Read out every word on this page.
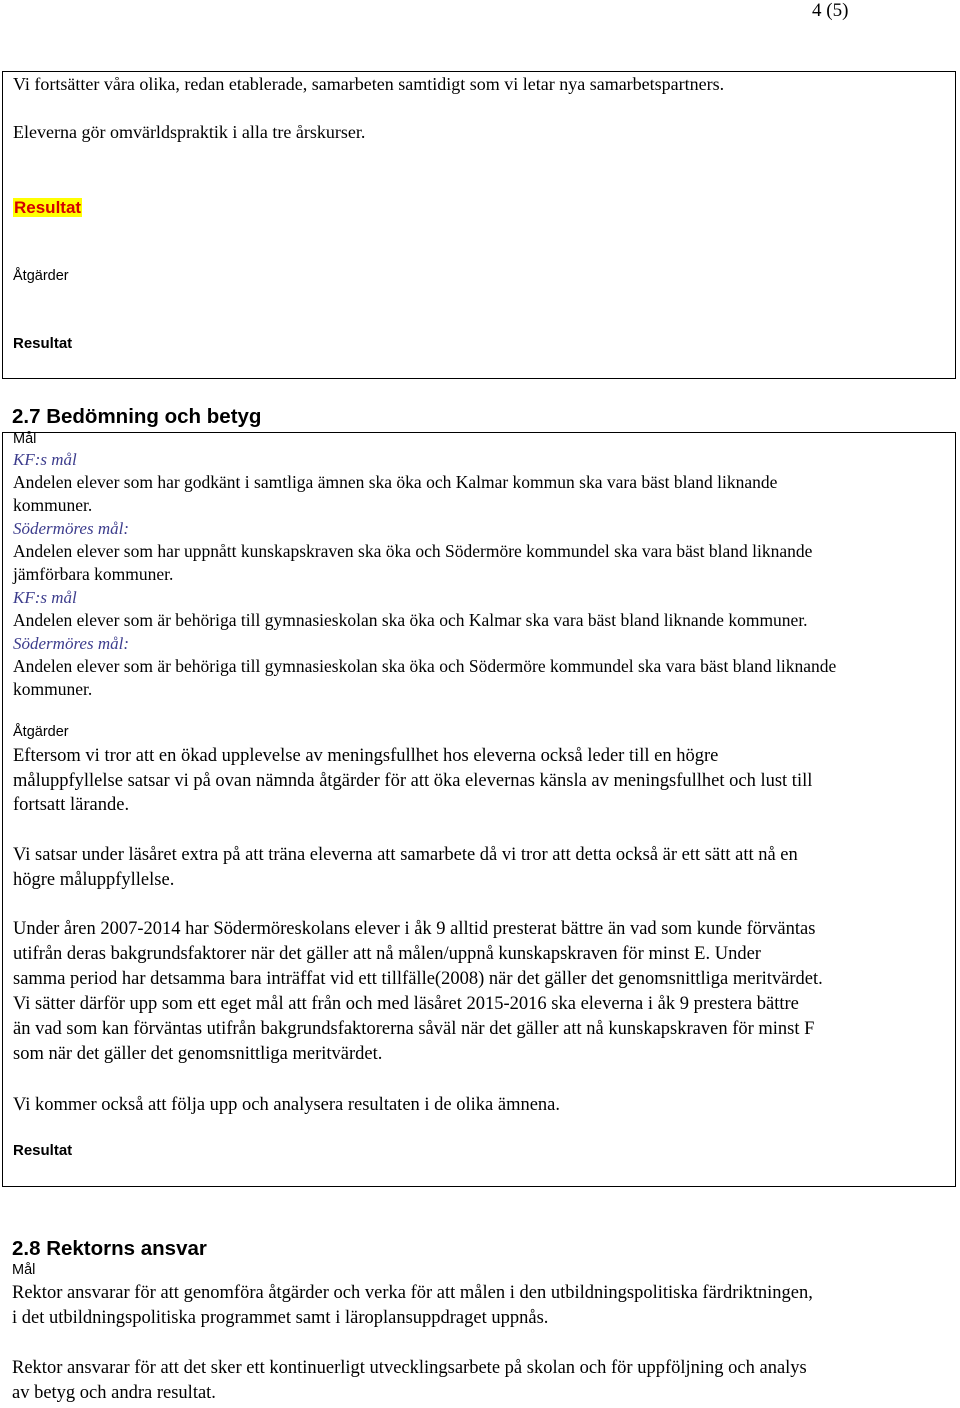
4 (5)
Vi fortsätter våra olika, redan etablerade, samarbeten samtidigt som vi letar nya samarbetspartners.
Eleverna gör omvärldspraktik i alla tre årskurser.
Resultat
Åtgärder
Resultat
2.7 Bedömning och betyg
Mål
KF:s mål
Andelen elever som har godkänt i samtliga ämnen ska öka och Kalmar kommun ska vara bäst bland liknande
kommuner.
Södermöres mål:
Andelen elever som har uppnått kunskapskraven ska öka och Södermöre kommundel ska vara bäst bland liknande
jämförbara kommuner.
KF:s mål
Andelen elever som är behöriga till gymnasieskolan ska öka och Kalmar ska vara bäst bland liknande kommuner.
Södermöres mål:
Andelen elever som är behöriga till gymnasieskolan ska öka och Södermöre kommundel ska vara bäst bland liknande
kommuner.
Åtgärder
Eftersom vi tror att en ökad upplevelse av meningsfullhet hos eleverna också leder till en högre
måluppfyllelse satsar vi på ovan nämnda åtgärder för att öka elevernas känsla av meningsfullhet och lust till
fortsatt lärande.
Vi satsar under läsåret extra på att träna eleverna att samarbete då vi tror att detta också är ett sätt att nå en
högre måluppfyllelse.
Under åren 2007-2014 har Södermöreskolans elever i åk 9 alltid presterat bättre än vad som kunde förväntas
utifrån deras bakgrundsfaktorer när det gäller att nå målen/uppnå kunskapskraven för minst E. Under
samma period har detsamma bara inträffat vid ett tillfälle(2008) när det gäller det genomsnittliga meritvärdet.
Vi sätter därför upp som ett eget mål att från och med läsåret 2015-2016 ska eleverna i åk 9 prestera bättre
än vad som kan förväntas utifrån bakgrundsfaktorerna såväl när det gäller att nå kunskapskraven för minst F
som när det gäller det genomsnittliga meritvärdet.
Vi kommer också att följa upp och analysera resultaten i de olika ämnena.
Resultat
2.8 Rektorns ansvar
Mål
Rektor ansvarar för att genomföra åtgärder och verka för att målen i den utbildningspolitiska färdriktningen,
i det utbildningspolitiska programmet samt i läroplansuppdraget uppnås.
Rektor ansvarar för att det sker ett kontinuerligt utvecklingsarbete på skolan och för uppföljning och analys
av betyg och andra resultat.
